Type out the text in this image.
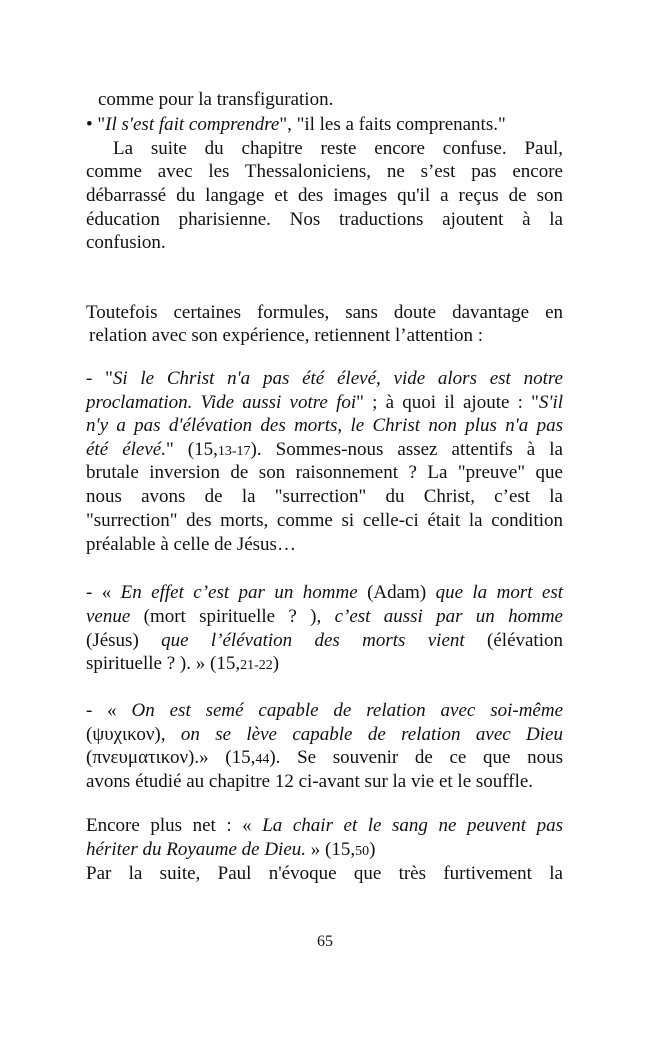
comme pour la transfiguration.
• "Il s'est fait comprendre", "il les a faits comprenants."
La suite du chapitre reste encore confuse. Paul,
comme avec les Thessaloniciens, ne s’est pas encore
débarrassé du langage et des images qu'il a reçus de son
éducation pharisienne. Nos traductions ajoutent à la
confusion.
Toutefois certaines formules, sans doute davantage en
relation avec son expérience, retiennent l’attention :
- "Si le Christ n'a pas été élevé, vide alors est notre
proclamation. Vide aussi votre foi" ; à quoi il ajoute : "S'il
n'y a pas d'élévation des morts, le Christ non plus n'a pas
été élevé." (15,13-17). Sommes-nous assez attentifs à la
brutale inversion de son raisonnement ? La "preuve" que
nous avons de la "surrection" du Christ, c’est la
"surrection" des morts, comme si celle-ci était la condition
préalable à celle de Jésus…
- « En effet c’est par un homme (Adam) que la mort est
venue (mort spirituelle ? ), c’est aussi par un homme
(Jésus) que l’élévation des morts vient (élévation
spirituelle ? ). » (15,21-22)
- « On est semé capable de relation avec soi-même
(ψυχικον), on se lève capable de relation avec Dieu
(πνευματικον).» (15,44). Se souvenir de ce que nous
avons étudié au chapitre 12 ci-avant sur la vie et le souffle.
Encore plus net : « La chair et le sang ne peuvent pas
hériter du Royaume de Dieu. » (15,50)
Par la suite, Paul n'évoque que très furtivement la
65
